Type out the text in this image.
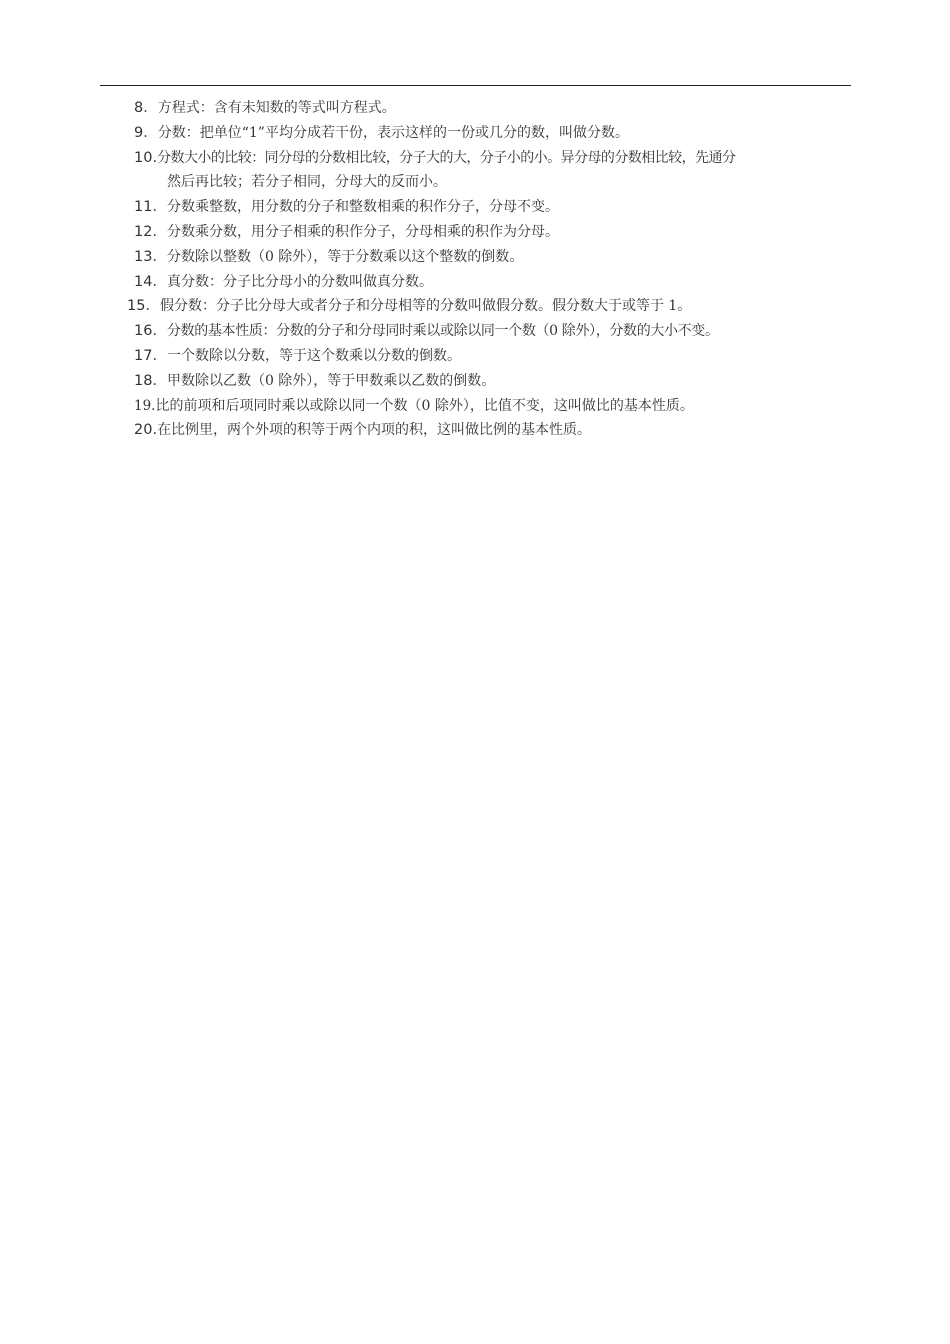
8．方程式：含有未知数的等式叫方程式。
9．分数：把单位“1”平均分成若干份，表示这样的一份或几分的数，叫做分数。
10.分数大小的比较：同分母的分数相比较，分子大的大，分子小的小。异分母的分数相比较，先通分
然后再比较；若分子相同，分母大的反而小。
11．分数乘整数，用分数的分子和整数相乘的积作分子，分母不变。
12．分数乘分数，用分子相乘的积作分子，分母相乘的积作为分母。
13．分数除以整数（0 除外），等于分数乘以这个整数的倒数。
14．真分数：分子比分母小的分数叫做真分数。
15．假分数：分子比分母大或者分子和分母相等的分数叫做假分数。假分数大于或等于 1。
16．分数的基本性质：分数的分子和分母同时乘以或除以同一个数（0 除外），分数的大小不变。
17．一个数除以分数，等于这个数乘以分数的倒数。
18．甲数除以乙数（0 除外），等于甲数乘以乙数的倒数。
19.比的前项和后项同时乘以或除以同一个数（0 除外），比值不变，这叫做比的基本性质。
20.在比例里，两个外项的积等于两个内项的积，这叫做比例的基本性质。
